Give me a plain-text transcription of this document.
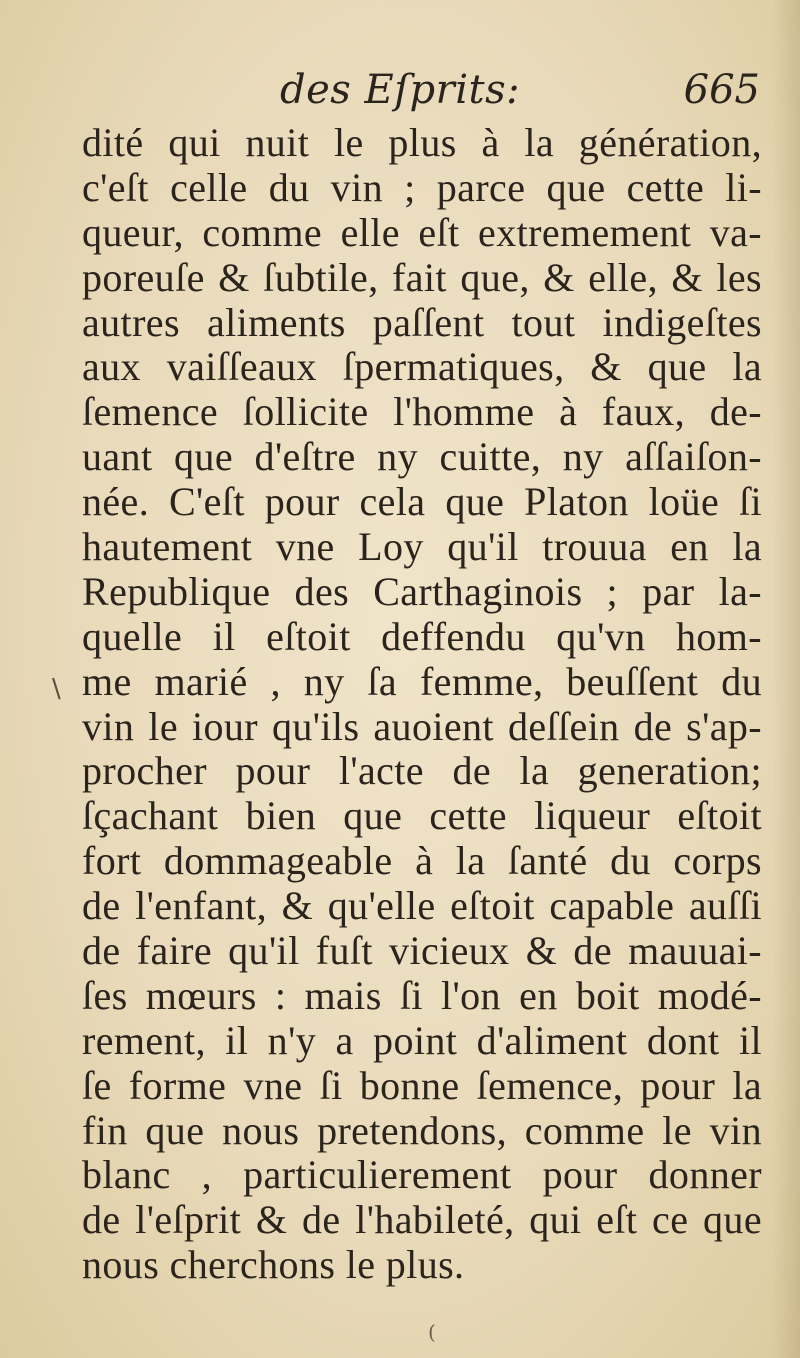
des Eſprits:	665
\
dité qui nuit le plus à la génération,
c'eſt celle du vin ; parce que cette li-
queur, comme elle eſt extremement va-
poreuſe & ſubtile, fait que, & elle, & les
autres aliments paſſent tout indigeſtes
aux vaiſſeaux ſpermatiques, & que la
ſemence ſollicite l'homme à faux, de-
uant que d'eſtre ny cuitte, ny aſſaiſon-
née. C'eſt pour cela que Platon loüe ſi
hautement vne Loy qu'il trouua en la
Republique des Carthaginois ; par la-
quelle il eſtoit deffendu qu'vn hom-
me marié , ny ſa femme, beuſſent du
vin le iour qu'ils auoient deſſein de s'ap-
procher pour l'acte de la generation;
ſçachant bien que cette liqueur eſtoit
fort dommageable à la ſanté du corps
de l'enfant, & qu'elle eſtoit capable auſſi
de faire qu'il fuſt vicieux & de mauuai-
ſes mœurs : mais ſi l'on en boit modé-
rement, il n'y a point d'aliment dont il
ſe forme vne ſi bonne ſemence, pour la
fin que nous pretendons, comme le vin
blanc , particulierement pour donner
de l'eſprit & de l'habileté, qui eſt ce que
nous cherchons le plus.
(
